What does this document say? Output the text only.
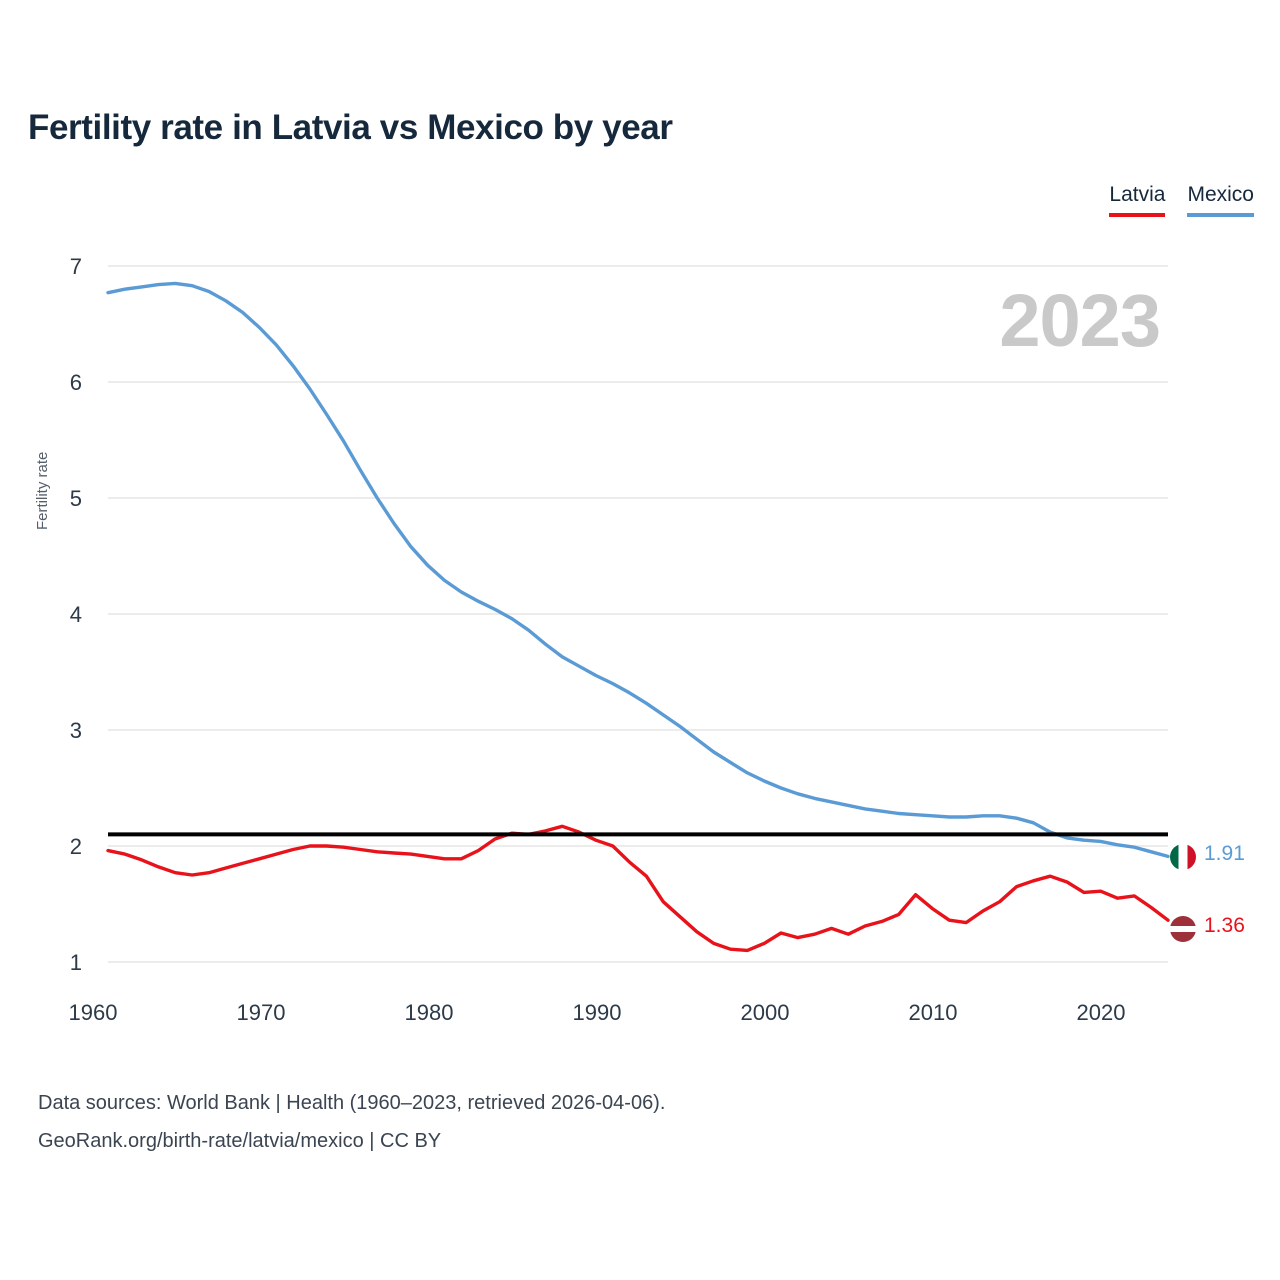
Fertility rate in Latvia vs Mexico by year
Latvia Mexico
2023
Fertility rate
7
6
5
4
3
2
1
1960	1970	1980	1990	2000	2010	2020
1.91
1.36
Data sources: World Bank | Health (1960–2023, retrieved 2026-04-06).
GeoRank.org/birth-rate/latvia/mexico | CC BY
